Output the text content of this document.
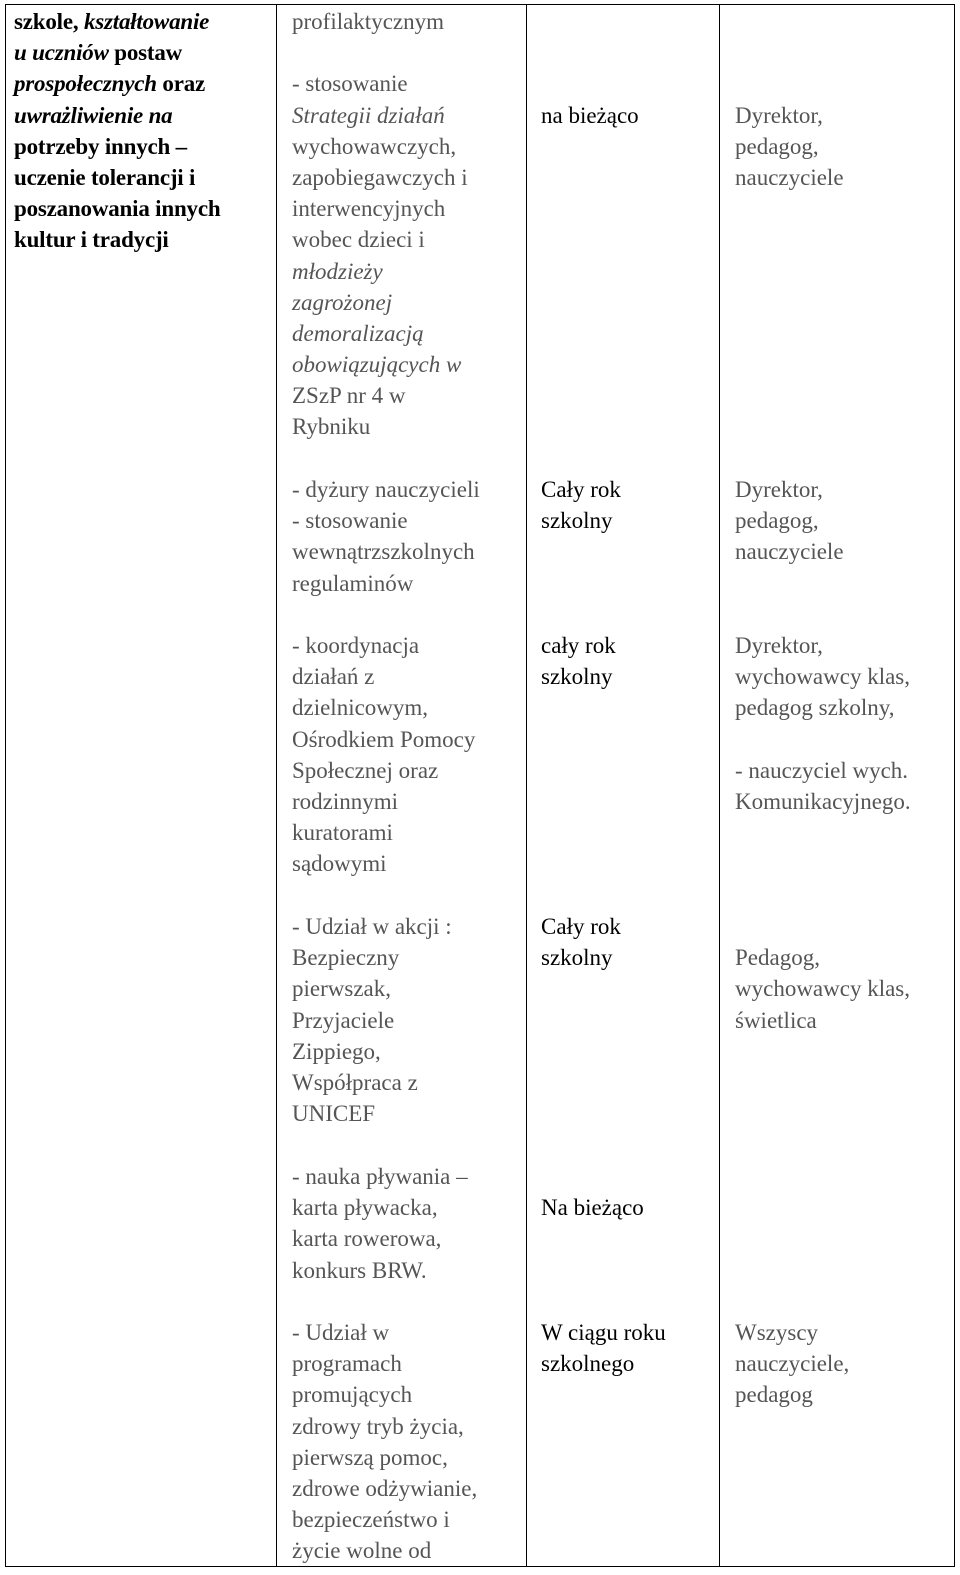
szkole, kształtowanie
u uczniów postaw
prospołecznych oraz
uwrażliwienie na
potrzeby innych –
uczenie tolerancji i
poszanowania innych
kultur i tradycji
profilaktycznym
- stosowanie
Strategii działań
wychowawczych,
zapobiegawczych i
interwencyjnych
wobec dzieci i
młodzieży
zagrożonej
demoralizacją
obowiązujących w
ZSzP nr 4 w
Rybniku
na bieżąco	Dyrektor,
pedagog,
nauczyciele
- dyżury nauczycieli
- stosowanie
wewnątrzszkolnych
regulaminów
Cały rok
szkolny
Dyrektor,
pedagog,
nauczyciele
- koordynacja
działań z
dzielnicowym,
Ośrodkiem Pomocy
Społecznej oraz
rodzinnymi
kuratorami
sądowymi
cały rok
szkolny
Dyrektor,
wychowawcy klas,
pedagog szkolny,
- nauczyciel wych.
Komunikacyjnego.
- Udział w akcji :
Bezpieczny
pierwszak,
Przyjaciele
Zippiego,
Współpraca z
UNICEF
Cały rok
szkolny	Pedagog,
wychowawcy klas,
świetlica
- nauka pływania –
karta pływacka,
karta rowerowa,
konkurs BRW.
Na bieżąco
- Udział w
programach
promujących
zdrowy tryb życia,
pierwszą pomoc,
zdrowe odżywianie,
bezpieczeństwo i
życie wolne od
W ciągu roku
szkolnego
Wszyscy
nauczyciele,
pedagog
